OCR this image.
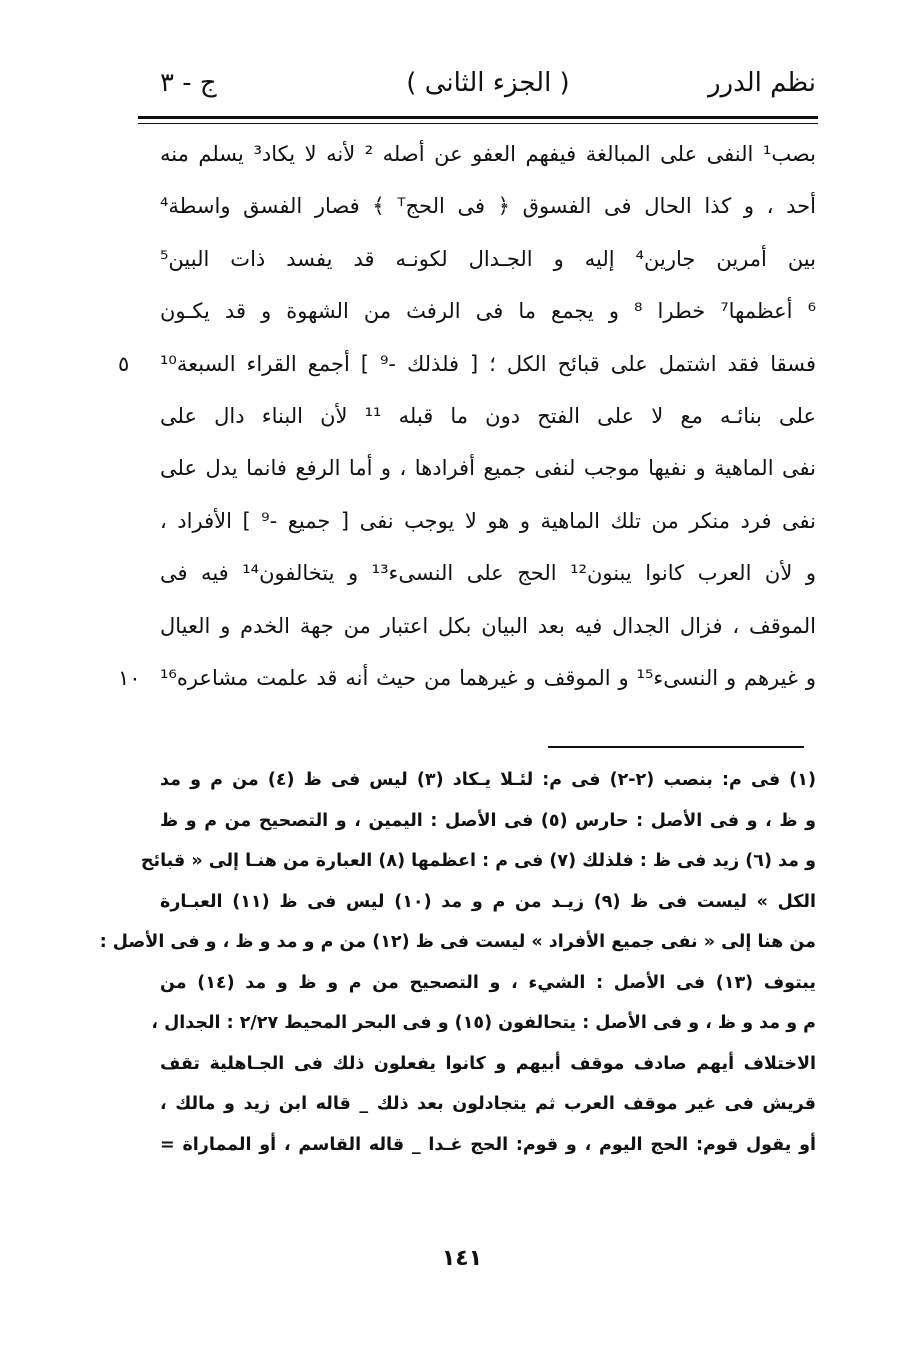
نظم الدرر
( الجزء الثانى )
ج - ٣
بصب¹ النفى على المبالغة فيفهم العفو عن أصله ² لأنه لا يكاد³ يسلم منه
أحد ، و كذا الحال فى الفسوق ﴿ فى الحجᵀ ﴾ فصار الفسق واسطة⁴
بين أمرين جارين⁴ إليه و الجـدال لكونـه قد يفسد ذات البين⁵
⁶ أعظمها⁷ خطرا ⁸ و يجمع ما فى الرفث من الشهوة و قد يكـون
فسقا فقد اشتمل على قبائح الكل ؛ [ فلذلك -⁹ ] أجمع القراء السبعة¹⁰
على بنائـه مع لا على الفتح دون ما قبله ¹¹ لأن البناء دال على
نفى الماهية و نفيها موجب لنفى جميع أفرادها ، و أما الرفع فانما يدل على
نفى فرد منكر من تلك الماهية و هو لا يوجب نفى [ جميع -⁹ ] الأفراد ،
و لأن العرب كانوا يبنون¹² الحج على النسىء¹³ و يتخالفون¹⁴ فيه فى
الموقف ، فزال الجدال فيه بعد البيان بكل اعتبار من جهة الخدم و العيال
و غيرهم و النسىء¹⁵ و الموقف و غيرهما من حيث أنه قد علمت مشاعره¹⁶
٥
١٠
(١) فى م: بنصب (٢-٢) فى م: لئـلا يـكاد (٣) ليس فى ظ (٤) من م و مد
و ظ ، و فى الأصل : حارس (٥) فى الأصل : اليمين ، و التصحيح من م و ظ
و مد (٦) زيد فى ظ : فلذلك (٧) فى م : اعظمها (٨) العبارة من هنـا إلى « قبائح
الكل » ليست فى ظ (٩) زيـد من م و مد (١٠) ليس فى ظ (١١) العبـارة
من هنا إلى « نفى جميع الأفراد » ليست فى ظ (١٢) من م و مد و ظ ، و فى الأصل :
يبتوف (١٣) فى الأصل : الشيء ، و التصحيح من م و ظ و مد (١٤) من
م و مد و ظ ، و فى الأصل : يتحالفون (١٥) و فى البحر المحيط ٢/٢٧ : الجدال ،
الاختلاف أيهم صادف موقف أبيهم و كانوا يفعلون ذلك فى الجـاهلية تقف
قريش فى غير موقف العرب ثم يتجادلون بعد ذلك _ قاله ابن زيد و مالك ،
أو يقول قوم: الحج اليوم ، و قوم: الحج غـدا _ قاله القاسم ، أو المماراة =
١٤١
